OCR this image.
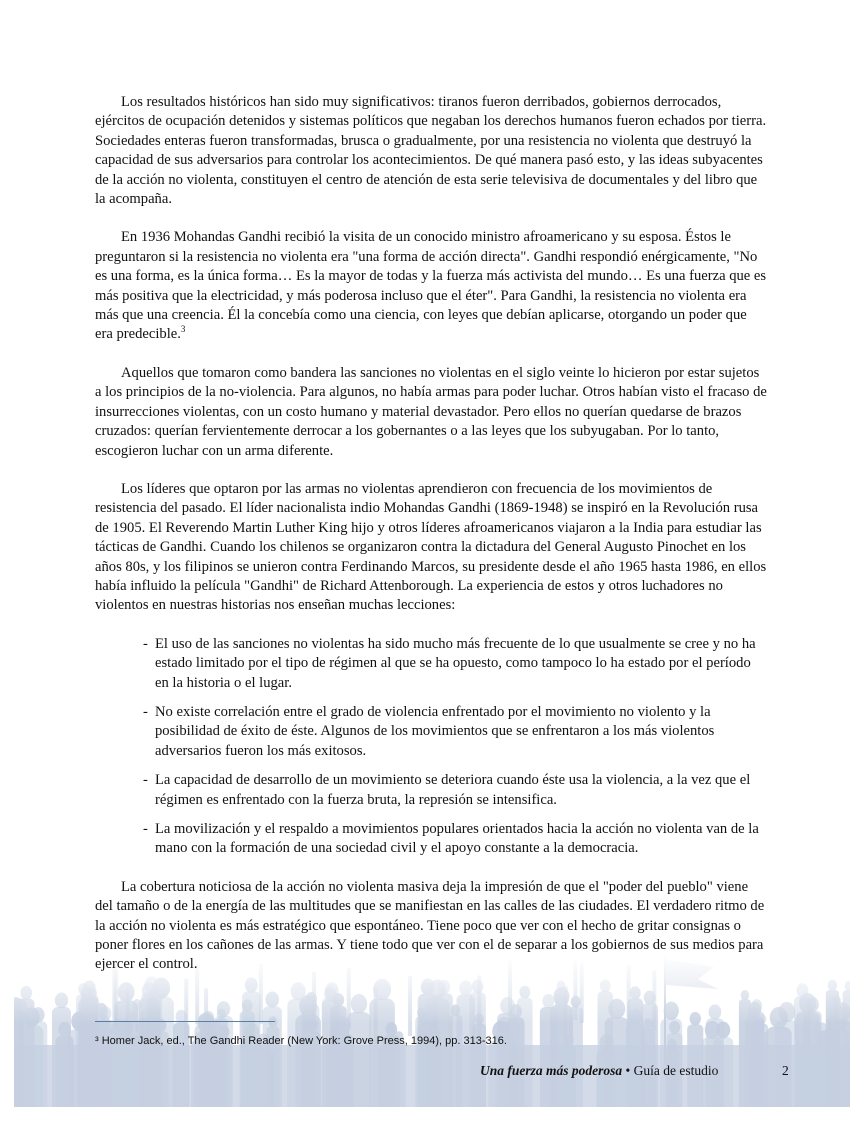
Los resultados históricos han sido muy significativos: tiranos fueron derribados, gobiernos derrocados, ejércitos de ocupación detenidos y sistemas políticos que negaban los derechos humanos fueron echados por tierra. Sociedades enteras fueron transformadas, brusca o gradualmente, por una resistencia no violenta que destruyó la capacidad de sus adversarios para controlar los acontecimientos. De qué manera pasó esto, y las ideas subyacentes de la acción no violenta, constituyen el centro de atención de esta serie televisiva de documentales y del libro que la acompaña.

En 1936 Mohandas Gandhi recibió la visita de un conocido ministro afroamericano y su esposa. Éstos le preguntaron si la resistencia no violenta era "una forma de acción directa". Gandhi respondió enérgicamente, "No es una forma, es la única forma… Es la mayor de todas y la fuerza más activista del mundo… Es una fuerza que es más positiva que la electricidad, y más poderosa incluso que el éter". Para Gandhi, la resistencia no violenta era más que una creencia. Él la concebía como una ciencia, con leyes que debían aplicarse, otorgando un poder que era predecible.$^3$

Aquellos que tomaron como bandera las sanciones no violentas en el siglo veinte lo hicieron por estar sujetos a los principios de la no-violencia. Para algunos, no había armas para poder luchar. Otros habían visto el fracaso de insurrecciones violentas, con un costo humano y material devastador. Pero ellos no querían quedarse de brazos cruzados: querían fervientemente derrocar a los gobernantes o a las leyes que los subyugaban. Por lo tanto, escogieron luchar con un arma diferente.

Los líderes que optaron por las armas no violentas aprendieron con frecuencia de los movimientos de resistencia del pasado. El líder nacionalista indio Mohandas Gandhi (1869-1948) se inspiró en la Revolución rusa de 1905. El Reverendo Martin Luther King hijo y otros líderes afroamericanos viajaron a la India para estudiar las tácticas de Gandhi. Cuando los chilenos se organizaron contra la dictadura del General Augusto Pinochet en los años 80s, y los filipinos se unieron contra Ferdinando Marcos, su presidente desde el año 1965 hasta 1986, en ellos había influido la película "Gandhi" de Richard Attenborough. La experiencia de estos y otros luchadores no violentos en nuestras historias nos enseñan muchas lecciones:

- El uso de las sanciones no violentas ha sido mucho más frecuente de lo que usualmente se cree y no ha estado limitado por el tipo de régimen al que se ha opuesto, como tampoco lo ha estado por el período en la historia o el lugar.
- No existe correlación entre el grado de violencia enfrentado por el movimiento no violento y la posibilidad de éxito de éste. Algunos de los movimientos que se enfrentaron a los más violentos adversarios fueron los más exitosos.
- La capacidad de desarrollo de un movimiento se deteriora cuando éste usa la violencia, a la vez que el régimen es enfrentado con la fuerza bruta, la represión se intensifica.
- La movilización y el respaldo a movimientos populares orientados hacia la acción no violenta van de la mano con la formación de una sociedad civil y el apoyo constante a la democracia.

La cobertura noticiosa de la acción no violenta masiva deja la impresión de que el "poder del pueblo" viene del tamaño o de la energía de las multitudes que se manifiestan en las calles de las ciudades. El verdadero ritmo de la acción no violenta es más estratégico que espontáneo. Tiene poco que ver con el hecho de gritar consignas o poner flores en los cañones de las armas. Y tiene todo que ver con el de separar a los gobiernos de sus medios para ejercer el control.

³ Homer Jack, ed., The Gandhi Reader (New York: Grove Press, 1994), pp. 313-316.
Una fuerza más poderosa • Guía de estudio	2
